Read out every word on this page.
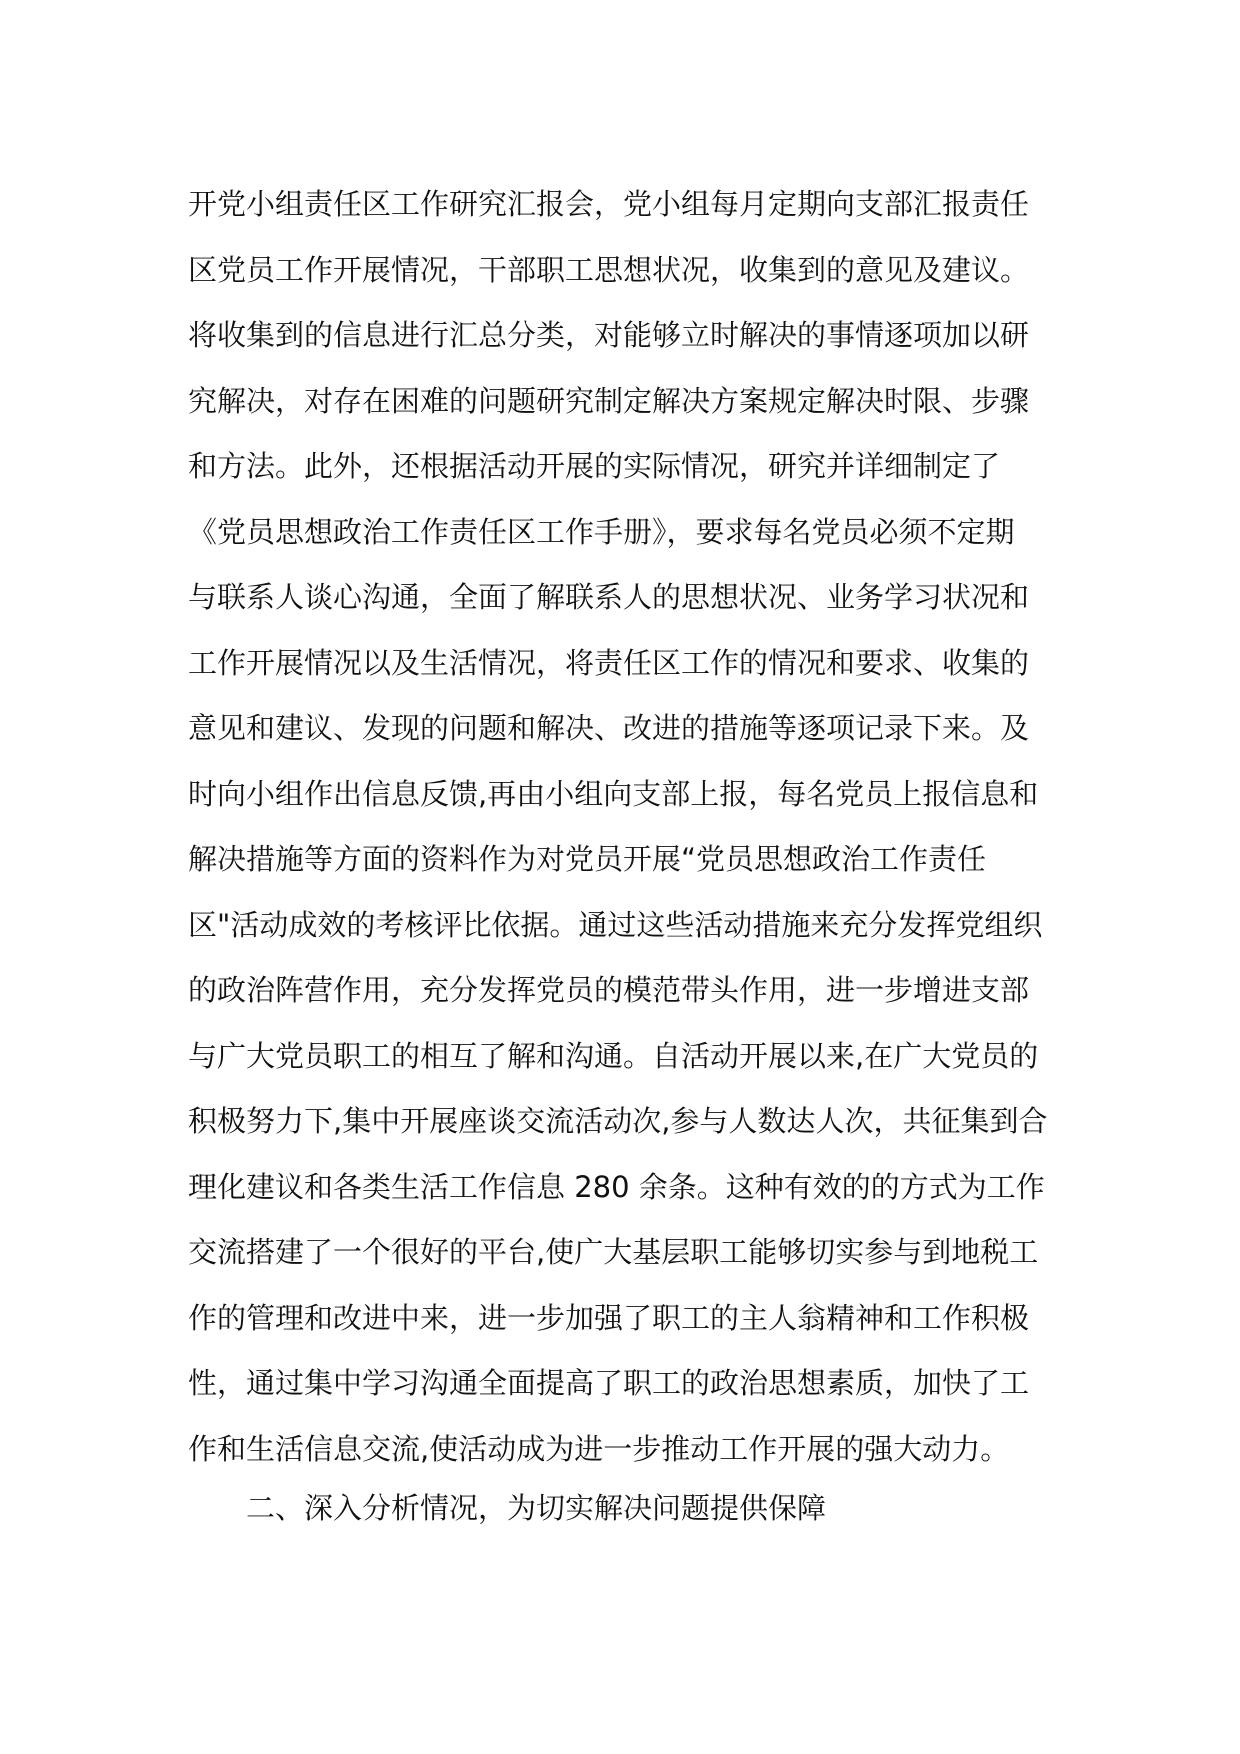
开党小组责任区工作研究汇报会，党小组每月定期向支部汇报责任
区党员工作开展情况，干部职工思想状况，收集到的意见及建议。
将收集到的信息进行汇总分类，对能够立时解决的事情逐项加以研
究解决，对存在困难的问题研究制定解决方案规定解决时限、步骤
和方法。此外，还根据活动开展的实际情况，研究并详细制定了
《党员思想政治工作责任区工作手册》，要求每名党员必须不定期
与联系人谈心沟通，全面了解联系人的思想状况、业务学习状况和
工作开展情况以及生活情况，将责任区工作的情况和要求、收集的
意见和建议、发现的问题和解决、改进的措施等逐项记录下来。及
时向小组作出信息反馈,再由小组向支部上报，每名党员上报信息和
解决措施等方面的资料作为对党员开展“党员思想政治工作责任
区"活动成效的考核评比依据。通过这些活动措施来充分发挥党组织
的政治阵营作用，充分发挥党员的模范带头作用，进一步增进支部
与广大党员职工的相互了解和沟通。自活动开展以来,在广大党员的
积极努力下,集中开展座谈交流活动次,参与人数达人次，共征集到合
理化建议和各类生活工作信息 280 余条。这种有效的的方式为工作
交流搭建了一个很好的平台,使广大基层职工能够切实参与到地税工
作的管理和改进中来，进一步加强了职工的主人翁精神和工作积极
性，通过集中学习沟通全面提高了职工的政治思想素质，加快了工
作和生活信息交流,使活动成为进一步推动工作开展的强大动力。

二、深入分析情况，为切实解决问题提供保障
